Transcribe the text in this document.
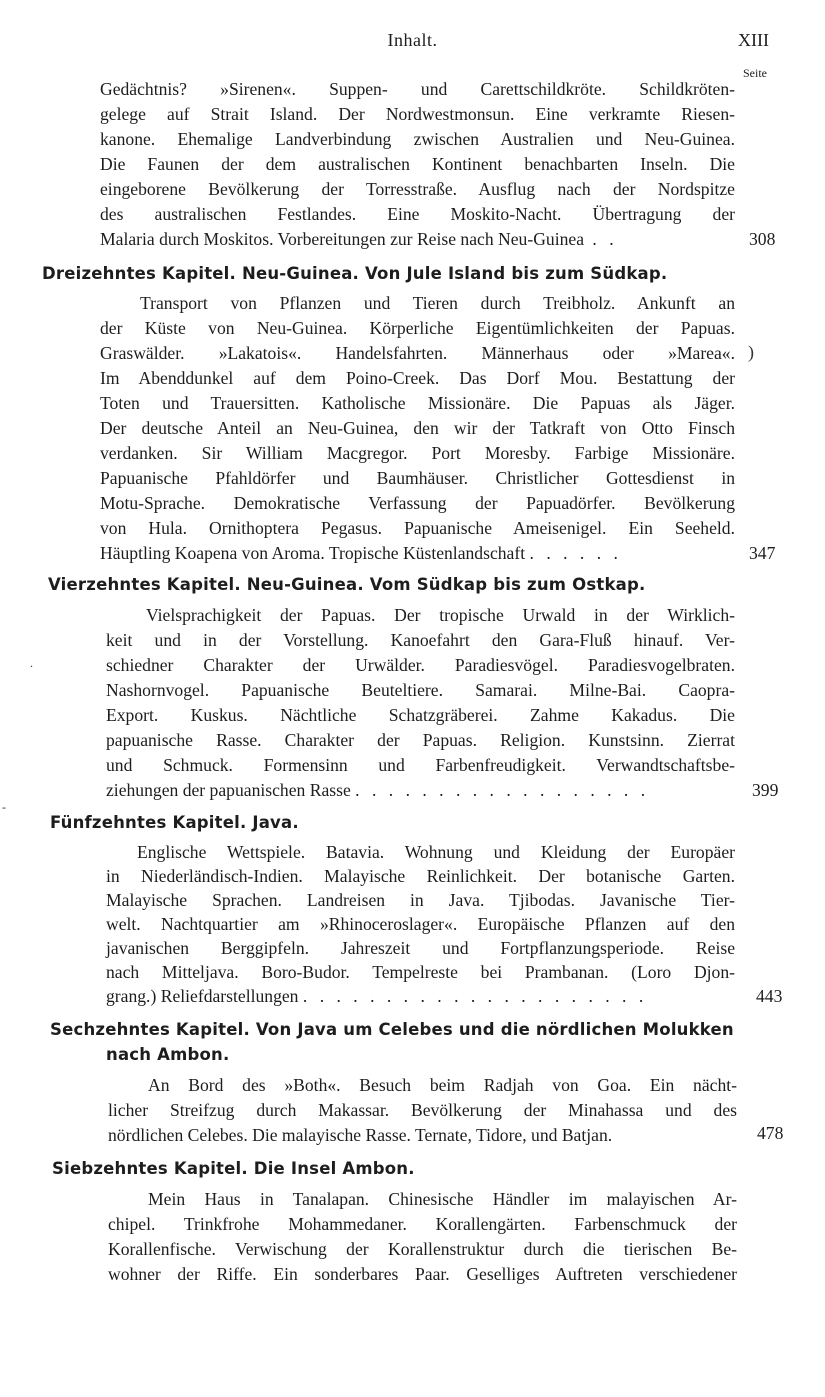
Inhalt.	XIII
Seite
Gedächtnis? »Sirenen«. Suppen- und Carettschildkröte. Schildkröten-
gelege auf Strait Island. Der Nordwestmonsun. Eine verkramte Riesen-
kanone. Ehemalige Landverbindung zwischen Australien und Neu-Guinea.
Die Faunen der dem australischen Kontinent benachbarten Inseln. Die
eingeborene Bevölkerung der Torresstraße. Ausflug nach der Nordspitze
des australischen Festlandes. Eine Moskito-Nacht. Übertragung der
Malaria durch Moskitos. Vorbereitungen zur Reise nach Neu-Guinea . .	308
Dreizehntes Kapitel. Neu-Guinea. Von Jule Island bis zum Südkap.
Transport von Pflanzen und Tieren durch Treibholz. Ankunft an
der Küste von Neu-Guinea. Körperliche Eigentümlichkeiten der Papuas.
Graswälder. »Lakatois«. Handelsfahrten. Männerhaus oder »Marea«. )
Im Abenddunkel auf dem Poino-Creek. Das Dorf Mou. Bestattung der
Toten und Trauersitten. Katholische Missionäre. Die Papuas als Jäger.
Der deutsche Anteil an Neu-Guinea, den wir der Tatkraft von Otto Finsch
verdanken. Sir William Macgregor. Port Moresby. Farbige Missionäre.
Papuanische Pfahldörfer und Baumhäuser. Christlicher Gottesdienst in
Motu-Sprache. Demokratische Verfassung der Papuadörfer. Bevölkerung
von Hula. Ornithoptera Pegasus. Papuanische Ameisenigel. Ein Seeheld.
Häuptling Koapena von Aroma. Tropische Küstenlandschaft . . . . . .	347
Vierzehntes Kapitel. Neu-Guinea. Vom Südkap bis zum Ostkap.
Vielsprachigkeit der Papuas. Der tropische Urwald in der Wirklich-
keit und in der Vorstellung. Kanoefahrt den Gara-Fluß hinauf. Ver-
.	schiedner Charakter der Urwälder. Paradiesvögel. Paradiesvogelbraten.
Nashornvogel. Papuanische Beuteltiere. Samarai. Milne-Bai. Caopra-
Export. Kuskus. Nächtliche Schatzgräberei. Zahme Kakadus. Die
papuanische Rasse. Charakter der Papuas. Religion. Kunstsinn. Zierrat
und Schmuck. Formensinn und Farbenfreudigkeit. Verwandtschaftsbe-
ziehungen der papuanischen Rasse . . . . . . . . . . . . . . . . . .	399
-
Fünfzehntes Kapitel. Java.
Englische Wettspiele. Batavia. Wohnung und Kleidung der Europäer
in Niederländisch-Indien. Malayische Reinlichkeit. Der botanische Garten.
Malayische Sprachen. Landreisen in Java. Tjibodas. Javanische Tier-
welt. Nachtquartier am »Rhinoceroslager«. Europäische Pflanzen auf den
javanischen Berggipfeln. Jahreszeit und Fortpflanzungsperiode. Reise
nach Mitteljava. Boro-Budor. Tempelreste bei Prambanan. (Loro Djon-
grang.) Reliefdarstellungen . . . . . . . . . . . . . . . . . . . . .	443
Sechzehntes Kapitel. Von Java um Celebes und die nördlichen Molukken
nach Ambon.
An Bord des »Both«. Besuch beim Radjah von Goa. Ein nächt-
licher Streifzug durch Makassar. Bevölkerung der Minahassa und des
nördlichen Celebes. Die malayische Rasse. Ternate, Tidore, und Batjan.	478
Siebzehntes Kapitel. Die Insel Ambon.
Mein Haus in Tanalapan. Chinesische Händler im malayischen Ar-
chipel. Trinkfrohe Mohammedaner. Korallengärten. Farbenschmuck der
Korallenfische. Verwischung der Korallenstruktur durch die tierischen Be-
wohner der Riffe. Ein sonderbares Paar. Geselliges Auftreten verschiedener
